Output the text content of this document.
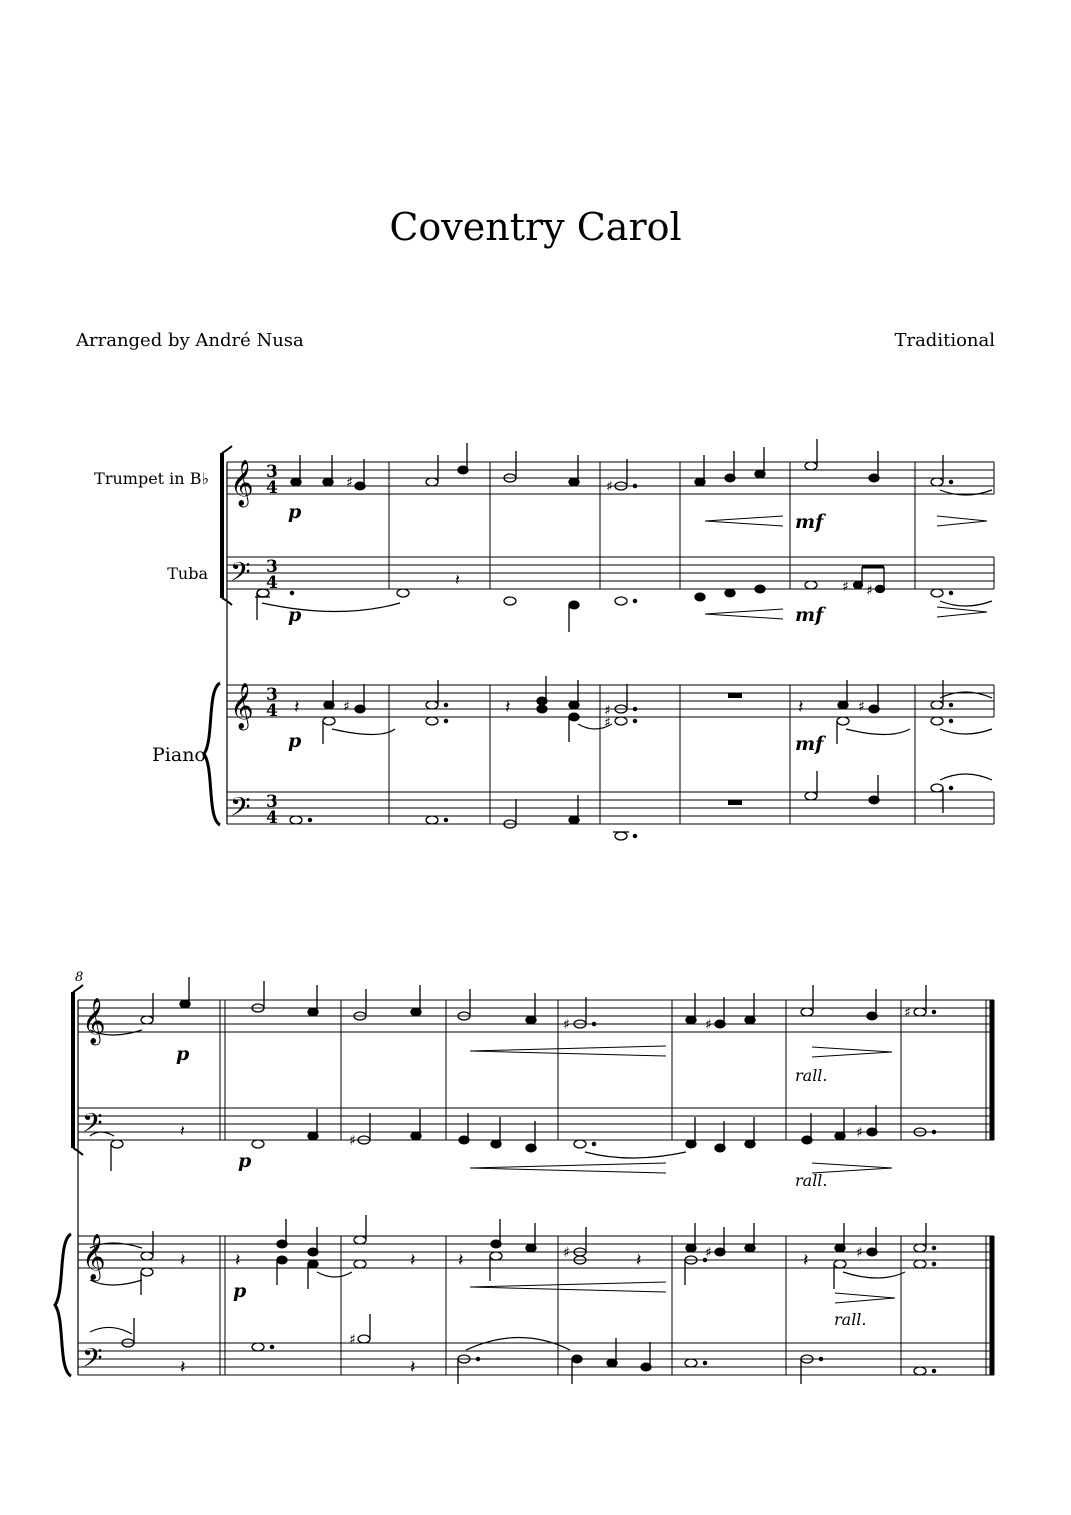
Coventry Carol
Arranged by André Nusa	Traditional
Trumpet in B♭
Tuba
Piano
𝄞
𝄢
𝄞
𝄢
3
4
3
4
3
4
3
4
♯	♯
𝄽	♯ ♯
𝄽	♯	𝄽	♯
♯
𝄽	♯
𝄞
𝄢
𝄞
𝄢
♯	♯
♯
𝄽
♯	♯
𝄽	𝄽	𝄽 𝄽	♯	𝄽	♯	𝄽	♯
𝄽
♯
𝄽
p	mf
p	mf
p	mf
8
p
p
p
rall.
rall.
rall.
